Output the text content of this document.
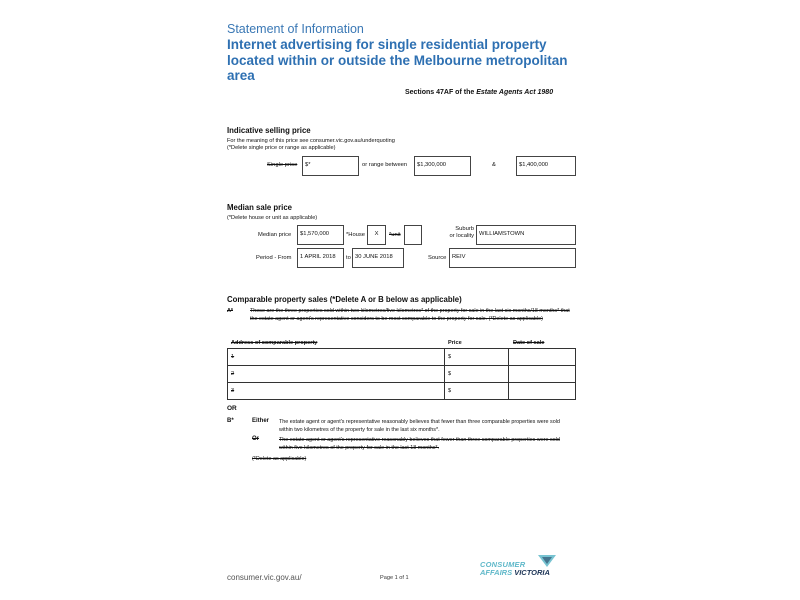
Statement of Information
Internet advertising for single residential property located within or outside the Melbourne metropolitan area
Sections 47AF of the Estate Agents Act 1980
Indicative selling price
For the meaning of this price see consumer.vic.gov.au/underquoting
(*Delete single price or range as applicable)
Single price	$*	or range between	$1,300,000	&	$1,400,000
Median sale price
(*Delete house or unit as applicable)
Median price	$1,570,000	*House	X	*unit
Suburb
or locality WILLIAMSTOWN
Period - From	1 APRIL 2018	to 30 JUNE 2018	Source REIV
Comparable property sales (*Delete A or B below as applicable)
A*	These are the three properties sold within two kilometres/five kilometres* of the property for sale in the last six months/18 months* that the estate agent or agent's representative considers to be most comparable to the property for sale. (*Delete as applicable)
Address of comparable property	Price	Date of sale
1	$	
2	$	
3	$	
OR
B*	Either The estate agent or agent's representative reasonably believes that fewer than three comparable properties were sold within two kilometres of the property for sale in the last six months*.
Or	The estate agent or agent's representative reasonably believes that fewer than three comparable properties were sold within five kilometres of the property for sale in the last 18 months*.
(*Delete as applicable)
consumer.vic.gov.au/	Page 1 of 1
CONSUMER
AFFAIRS VICTORIA
